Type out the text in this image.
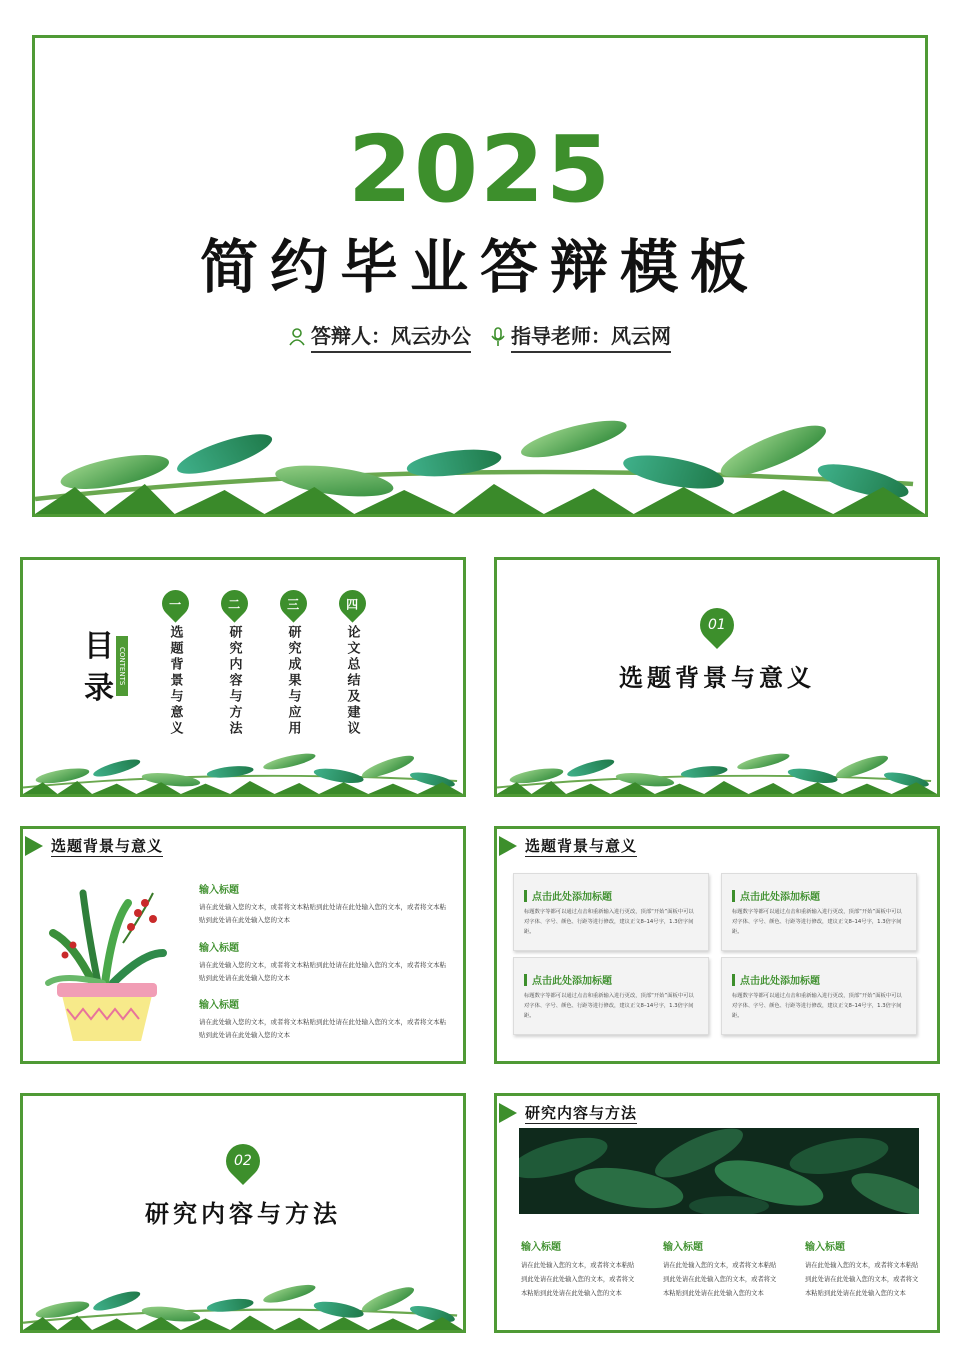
2025
简约毕业答辩模板
答辩人：风云办公 指导老师：风云网
目录
CONTENTS
一
选题背景与意义
二
研究内容与方法
三
研究成果与应用
四
论文总结及建议	01
选题背景与意义
选题背景与意义
输入标题
请在此处输入您的文本，或者将文本粘贴到此处请在此处输入您的文本，或者将文本粘贴到此处请在此处输入您的文本
输入标题
请在此处输入您的文本，或者将文本粘贴到此处请在此处输入您的文本，或者将文本粘贴到此处请在此处输入您的文本
输入标题
请在此处输入您的文本，或者将文本粘贴到此处请在此处输入您的文本，或者将文本粘贴到此处请在此处输入您的文本
选题背景与意义
点击此处添加标题
标题数字等都可以通过点击和重新输入进行更改，顶部“开始”面板中可以对字体、字号、颜色、行距等进行修改，建议正文8–14号字，1.3倍字间距。
点击此处添加标题
标题数字等都可以通过点击和重新输入进行更改，顶部“开始”面板中可以对字体、字号、颜色、行距等进行修改，建议正文8–14号字，1.3倍字间距。
点击此处添加标题
标题数字等都可以通过点击和重新输入进行更改，顶部“开始”面板中可以对字体、字号、颜色、行距等进行修改，建议正文8–14号字，1.3倍字间距。
点击此处添加标题
标题数字等都可以通过点击和重新输入进行更改，顶部“开始”面板中可以对字体、字号、颜色、行距等进行修改，建议正文8–14号字，1.3倍字间距。
02
研究内容与方法
研究内容与方法
输入标题
请在此处输入您的文本，或者将文本粘贴到此处请在此处输入您的文本，或者将文本粘贴到此处请在此处输入您的文本
输入标题
请在此处输入您的文本，或者将文本粘贴到此处请在此处输入您的文本，或者将文本粘贴到此处请在此处输入您的文本
输入标题
请在此处输入您的文本，或者将文本粘贴到此处请在此处输入您的文本，或者将文本粘贴到此处请在此处输入您的文本
